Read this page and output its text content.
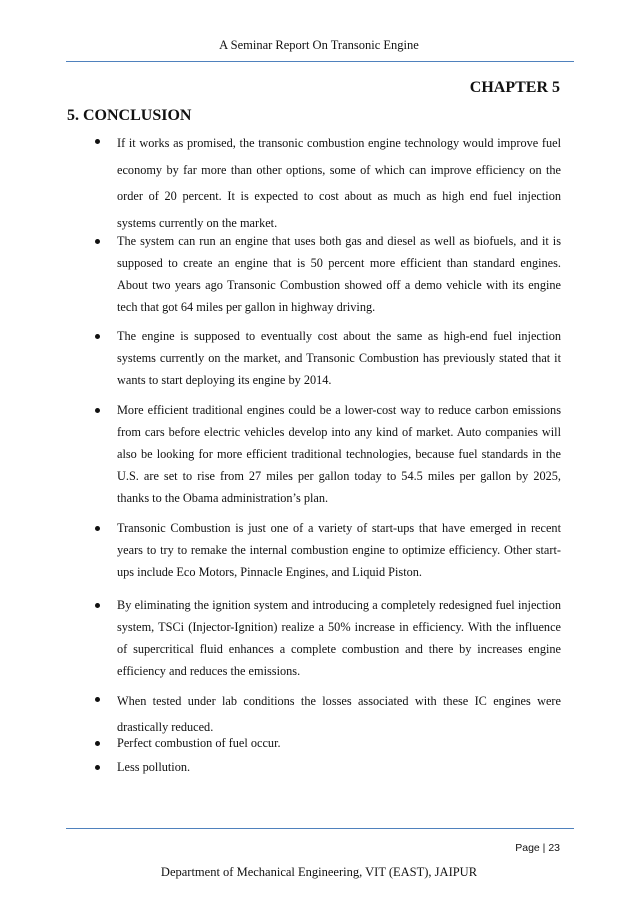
A Seminar Report On Transonic Engine
CHAPTER 5
5. CONCLUSION
If it works as promised, the transonic combustion engine technology would improve fuel economy by far more than other options, some of which can improve efficiency on the order of 20 percent. It is expected to cost about as much as high end fuel injection systems currently on the market.
The system can run an engine that uses both gas and diesel as well as biofuels, and it is supposed to create an engine that is 50 percent more efficient than standard engines. About two years ago Transonic Combustion showed off a demo vehicle with its engine tech that got 64 miles per gallon in highway driving.
The engine is supposed to eventually cost about the same as high-end fuel injection systems currently on the market, and Transonic Combustion has previously stated that it wants to start deploying its engine by 2014.
More efficient traditional engines could be a lower-cost way to reduce carbon emissions from cars before electric vehicles develop into any kind of market. Auto companies will also be looking for more efficient traditional technologies, because fuel standards in the U.S. are set to rise from 27 miles per gallon today to 54.5 miles per gallon by 2025, thanks to the Obama administration’s plan.
Transonic Combustion is just one of a variety of start-ups that have emerged in recent years to try to remake the internal combustion engine to optimize efficiency. Other start-ups include Eco Motors, Pinnacle Engines, and Liquid Piston.
By eliminating the ignition system and introducing a completely redesigned fuel injection system, TSCi (Injector-Ignition) realize a 50% increase in efficiency. With the influence of supercritical fluid enhances a complete combustion and there by increases engine efficiency and reduces the emissions.
When tested under lab conditions the losses associated with these IC engines were drastically reduced.
Perfect combustion of fuel occur.
Less pollution.
Page | 23
Department of Mechanical Engineering, VIT (EAST), JAIPUR
